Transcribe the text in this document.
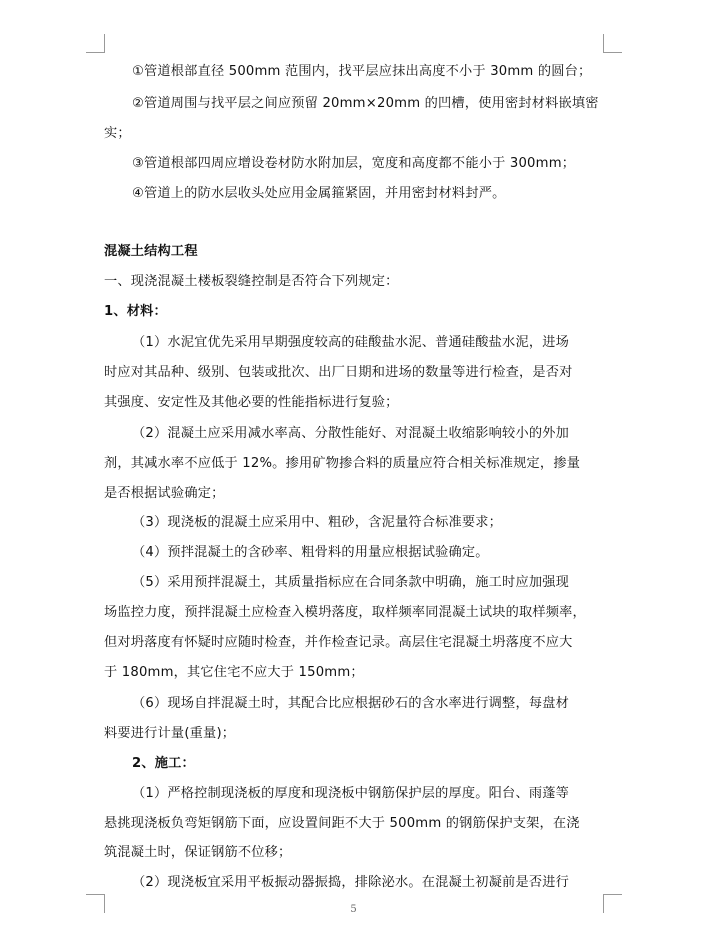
①管道根部直径 500mm 范围内，找平层应抹出高度不小于 30mm 的圆台；
②管道周围与找平层之间应预留 20mm×20mm 的凹槽，使用密封材料嵌填密
实；
③管道根部四周应增设卷材防水附加层，宽度和高度都不能小于 300mm；
④管道上的防水层收头处应用金属箍紧固，并用密封材料封严。
混凝土结构工程
一、现浇混凝土楼板裂缝控制是否符合下列规定：
1、材料：
（1）水泥宜优先采用早期强度较高的硅酸盐水泥、普通硅酸盐水泥，进场
时应对其品种、级别、包装或批次、出厂日期和进场的数量等进行检查，是否对
其强度、安定性及其他必要的性能指标进行复验；
（2）混凝土应采用减水率高、分散性能好、对混凝土收缩影响较小的外加
剂，其减水率不应低于 12%。掺用矿物掺合料的质量应符合相关标准规定，掺量
是否根据试验确定；
（3）现浇板的混凝土应采用中、粗砂，含泥量符合标准要求；
（4）预拌混凝土的含砂率、粗骨料的用量应根据试验确定。
（5）采用预拌混凝土，其质量指标应在合同条款中明确，施工时应加强现
场监控力度，预拌混凝土应检查入模坍落度，取样频率同混凝土试块的取样频率，
但对坍落度有怀疑时应随时检查，并作检查记录。高层住宅混凝土坍落度不应大
于 180mm，其它住宅不应大于 150mm；
（6）现场自拌混凝土时，其配合比应根据砂石的含水率进行调整，每盘材
料要进行计量(重量)；
2、施工：
（1）严格控制现浇板的厚度和现浇板中钢筋保护层的厚度。阳台、雨蓬等
悬挑现浇板负弯矩钢筋下面，应设置间距不大于 500mm 的钢筋保护支架，在浇
筑混凝土时，保证钢筋不位移；
（2）现浇板宜采用平板振动器振捣，排除泌水。在混凝土初凝前是否进行
5
